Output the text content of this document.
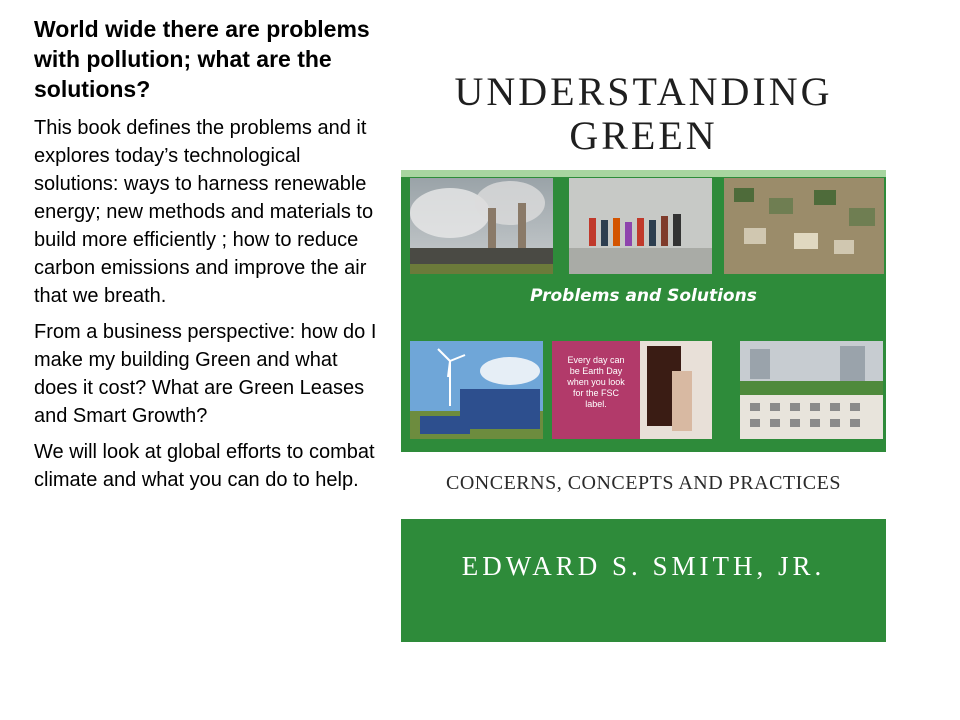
World wide there are problems with pollution; what are the solutions?

This book defines the problems and it explores today’s technological solutions: ways to harness renewable energy; new methods and materials to build more efficiently ; how to reduce carbon emissions and improve the air that we breath.

From a business perspective: how do I make my building Green and what does it cost? What are Green Leases and Smart Growth?

We will look at global efforts to combat climate and what you can do to help.

UNDERSTANDING
GREEN
Problems and Solutions
Every day can be Earth Day when you look for the FSC label.
CONCERNS, CONCEPTS AND PRACTICES
EDWARD S. SMITH, JR.
